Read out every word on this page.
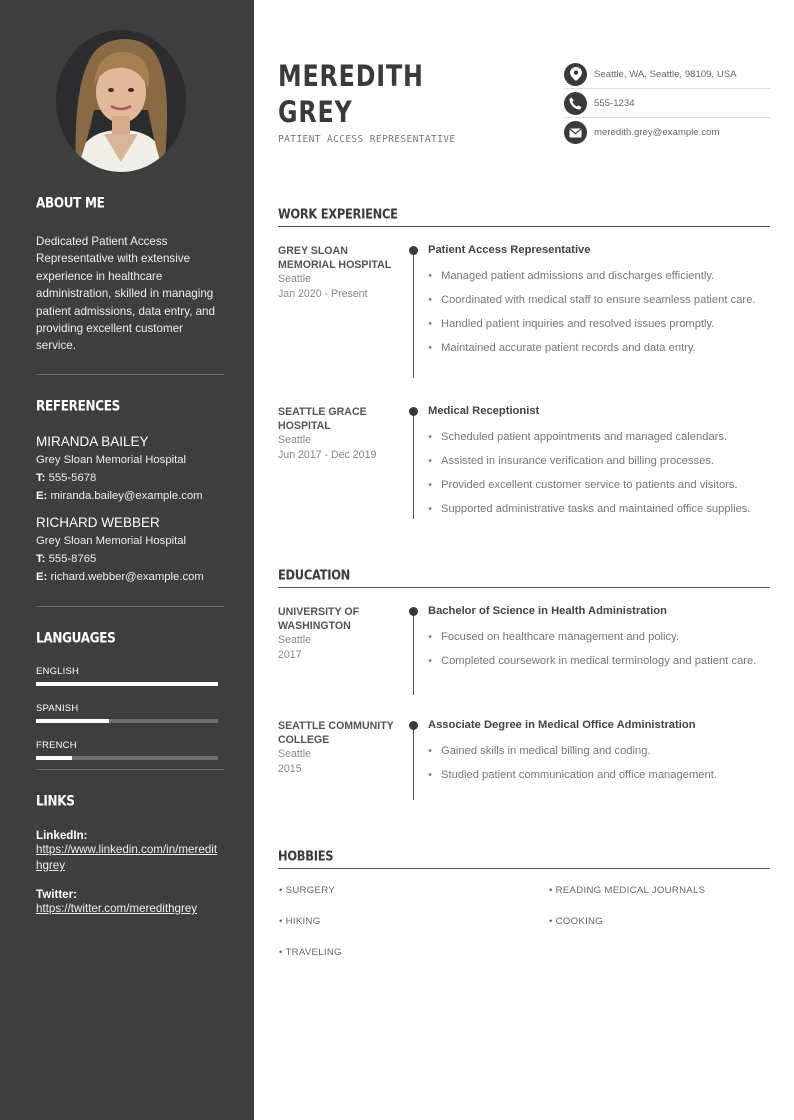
ABOUT ME
Dedicated Patient Access Representative with extensive experience in healthcare administration, skilled in managing patient admissions, data entry, and providing excellent customer service.
REFERENCES
MIRANDA BAILEY
Grey Sloan Memorial Hospital
T: 555-5678
E: miranda.bailey@example.com
RICHARD WEBBER
Grey Sloan Memorial Hospital
T: 555-8765
E: richard.webber@example.com
LANGUAGES
ENGLISH
SPANISH
FRENCH
LINKS
LinkedIn:
https://www.linkedin.com/in/meredithgrey
Twitter:
https://twitter.com/meredithgrey
MEREDITH
GREY
PATIENT ACCESS REPRESENTATIVE
Seattle, WA, Seattle, 98109, USA
555-1234
meredith.grey@example.com
WORK EXPERIENCE
GREY SLOAN MEMORIAL HOSPITAL
Seattle
Jan 2020 - Present
Patient Access Representative
• Managed patient admissions and discharges efficiently.
• Coordinated with medical staff to ensure seamless patient care.
• Handled patient inquiries and resolved issues promptly.
• Maintained accurate patient records and data entry.
SEATTLE GRACE HOSPITAL
Seattle
Jun 2017 - Dec 2019
Medical Receptionist
• Scheduled patient appointments and managed calendars.
• Assisted in insurance verification and billing processes.
• Provided excellent customer service to patients and visitors.
• Supported administrative tasks and maintained office supplies.
EDUCATION
UNIVERSITY OF WASHINGTON
Seattle
2017
Bachelor of Science in Health Administration
• Focused on healthcare management and policy.
• Completed coursework in medical terminology and patient care.
SEATTLE COMMUNITY COLLEGE
Seattle
2015
Associate Degree in Medical Office Administration
• Gained skills in medical billing and coding.
• Studied patient communication and office management.
HOBBIES
• SURGERY	• READING MEDICAL JOURNALS
• HIKING	• COOKING
• TRAVELING
